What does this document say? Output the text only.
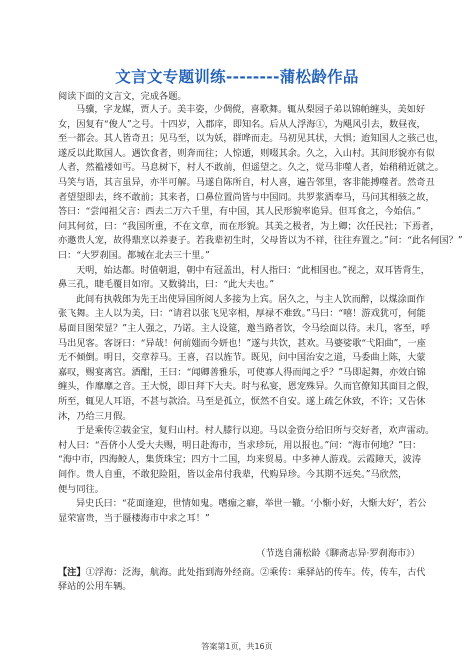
文言文专题训练--------蒲松龄作品
阅读下面的文言文，完成各题。
马骥，字龙媒，贾人子。美丰姿，少倜傥，喜歌舞。辄从梨园子弟以锦帕缠头，美如好
女，因复有“俊人”之号。十四岁，入郡庠，即知名。后从人浮海①，为飓风引去，数昼夜，
至一都会。其人皆奇丑；见马至，以为妖，群哗而走。马初见其状，大惧；迨知国人之骇己也，
遂反以此欺国人。遇饮食者，则奔而往；人惊遁，则啜其余。久之，入山村。其间形貌亦有似
人者，然褴褛如丐。马息树下，村人不敢前，但遥望之。久之，觉马非噬人者，始稍稍近就之。
马笑与语，其言虽异，亦半可解。马遂自陈所自，村人喜，遍告邻里，客非能搏噬者。然奇丑
者望望即去，终不敢前；其来者，口鼻位置尚皆与中国同。共罗浆酒奉马，马问其相骇之故，
答曰：“尝闻祖父言：西去二万六千里，有中国，其人民形貌率诡异。但耳食之，今始信。”
问其何贫，曰：“我国所重，不在文章，而在形貌。其美之极者，为上卿；次任民社；下焉者，
亦邀贵人宠，故得鼎烹以养妻子。若我辈初生时，父母皆以为不祥，往往弃置之。”问：“此名何国？”
曰：“大罗刹国。都城在北去三十里。”
天明，始达都。时值朝退，朝中有冠盖出，村人指曰：“此相国也。”视之，双耳皆背生，
鼻三孔，睫毛覆目如帘。又数骑出，曰：“此大夫也。”
此间有执戟郎为先王出使异国所阅人多接为上宾。居久之，与主人饮而醉，以煤涂面作
张飞舞。主人以为美，曰：“请君以张飞见宰相，厚禄不难致。”马曰：“嘻！游戏犹可，何能
易面目图荣显？”主人强之，乃诺。主人设筵，邀当路者饮，令马绘面以待。未几，客至，呼
马出见客。客讶曰：“异哉！何前媸而今妍也！”遂与共饮，甚欢。马婆娑歌“弋阳曲”，一座
无不倾倒。明日，交章荐马。王喜，召以旌节。既见，问中国治安之道，马委曲上陈，大蒙
嘉叹，赐宴离宫。酒酣，王曰：“闻卿善雅乐，可使寡人得而闻之乎？”马即起舞，亦效白锦
缠头，作靡靡之音。王大悦，即日拜下大夫。时与私宴，恩宠殊异。久而官僚知其面目之假，
所至，辄见人耳语，不甚与款洽。马至是孤立，恹然不自安。遂上疏乞休致，不许；又告休
沐，乃给三月假。
于是乘传②载金宝，复归山村。村人膝行以迎。马以金资分给旧所与交好者，欢声雷动。
村人曰：“吾侪小人受大夫赐，明日赴海市，当求珍玩，用以报也。”问：“海市何地？”曰：
“海中市，四海鲛人，集货珠宝；四方十二国，均来贸易。中多神人游戏。云霞障天，波涛
间作。贵人自重，不敢犯险阻，皆以金帛付我辈，代购异珍。今其期不远矣。”马欣然，
便与同往。
异史氏曰：“花面逢迎，世情如鬼。嗜痂之癖，举世一辙。‘小惭小好，大惭大好’，若公
显荣富贵，当于蜃楼海市中求之耳！”
（节选自蒲松龄《聊斋志异·罗刹海市》）
【注】①浮海：泛海，航海。此处指到海外经商。②乘传：乘驿站的传车。传，传车，古代
驿站的公用车辆。
答案第1页，共16页
